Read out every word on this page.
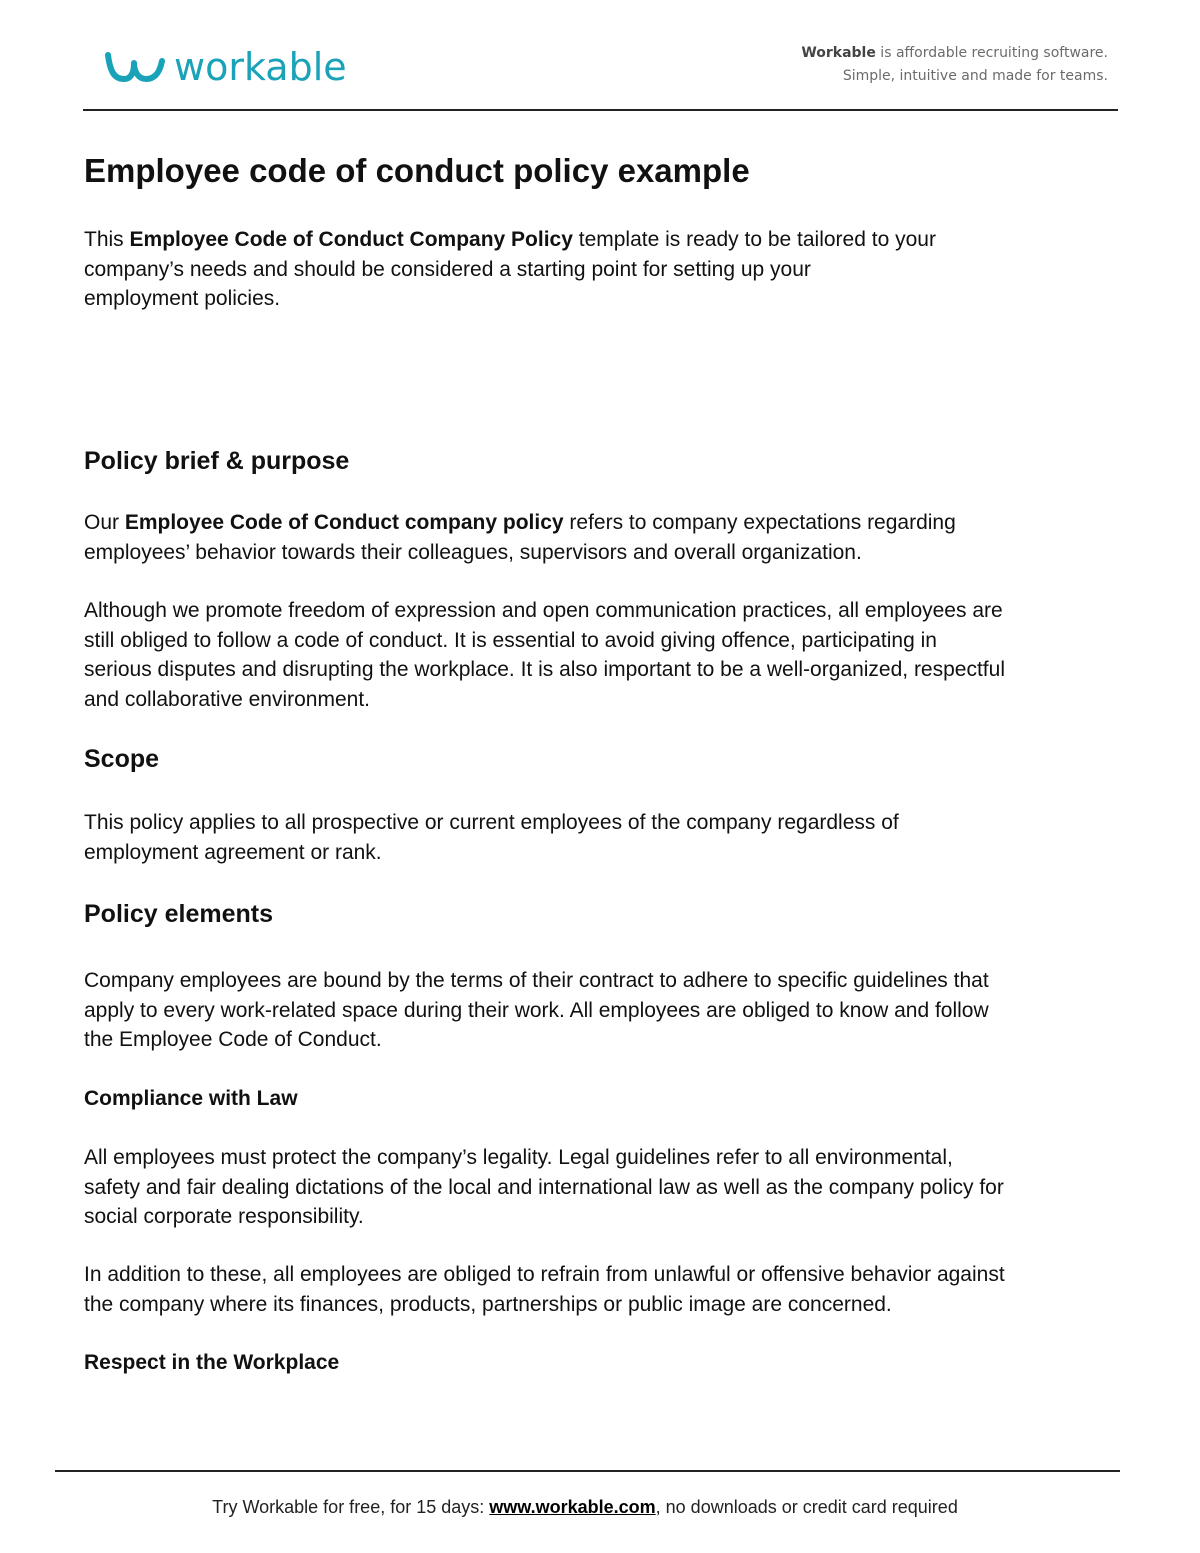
workable	Workable is affordable recruiting software.
Simple, intuitive and made for teams.
Employee code of conduct policy example

This Employee Code of Conduct Company Policy template is ready to be tailored to your
company’s needs and should be considered a starting point for setting up your
employment policies.

Policy brief & purpose

Our Employee Code of Conduct company policy refers to company expectations regarding
employees’ behavior towards their colleagues, supervisors and overall organization.

Although we promote freedom of expression and open communication practices, all employees are
still obliged to follow a code of conduct. It is essential to avoid giving offence, participating in
serious disputes and disrupting the workplace. It is also important to be a well-organized, respectful
and collaborative environment.

Scope

This policy applies to all prospective or current employees of the company regardless of
employment agreement or rank.

Policy elements

Company employees are bound by the terms of their contract to adhere to specific guidelines that
apply to every work-related space during their work. All employees are obliged to know and follow
the Employee Code of Conduct.

Compliance with Law

All employees must protect the company’s legality. Legal guidelines refer to all environmental,
safety and fair dealing dictations of the local and international law as well as the company policy for
social corporate responsibility.

In addition to these, all employees are obliged to refrain from unlawful or offensive behavior against
the company where its finances, products, partnerships or public image are concerned.

Respect in the Workplace
Try Workable for free, for 15 days: www.workable.com, no downloads or credit card required
